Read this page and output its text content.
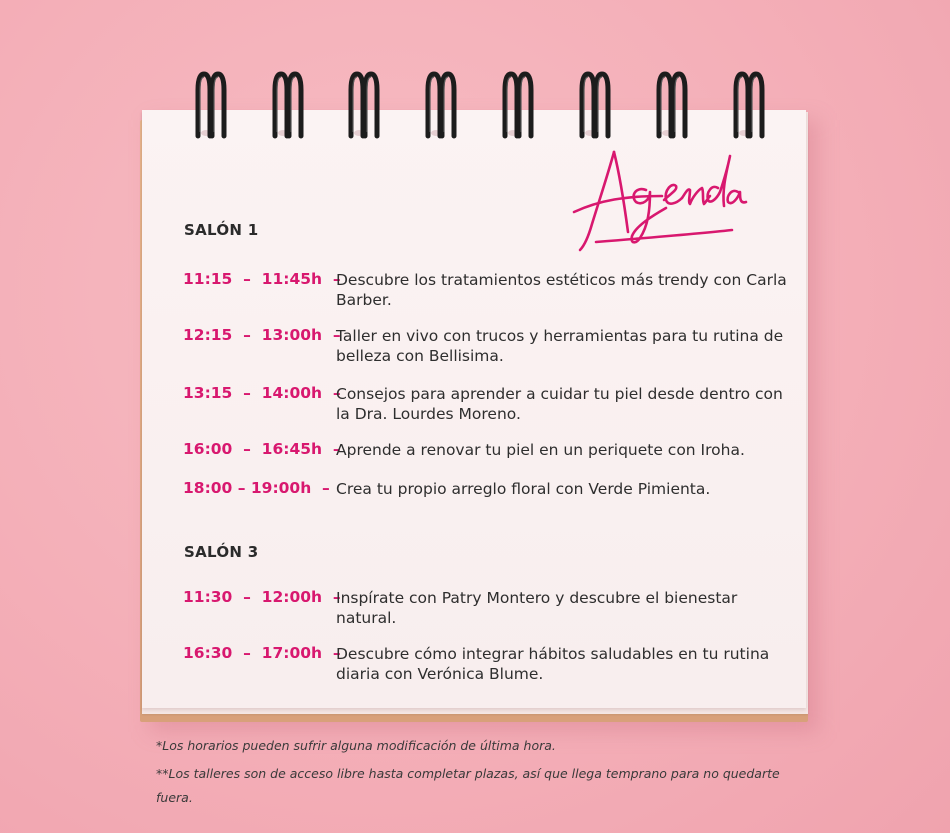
SALÓN 1
11:15  –  11:45h  –
Descubre los tratamientos estéticos más trendy con Carla Barber.
12:15  –  13:00h  –
Taller en vivo con trucos y herramientas para tu rutina de belleza con Bellisima.
13:15  –  14:00h  –
Consejos para aprender a cuidar tu piel desde dentro con la Dra. Lourdes Moreno.
16:00  –  16:45h  –
Aprende a renovar tu piel en un periquete con Iroha.
18:00 – 19:00h  – Crea tu propio arreglo floral con Verde Pimienta.
SALÓN 3
11:30  –  12:00h  –
Inspírate con Patry Montero y descubre el bienestar natural.
16:30  –  17:00h  –
Descubre cómo integrar hábitos saludables en tu rutina diaria con Verónica Blume.

*Los horarios pueden sufrir alguna modificación de última hora.

**Los talleres son de acceso libre hasta completar plazas, así que llega temprano para no quedarte fuera.
